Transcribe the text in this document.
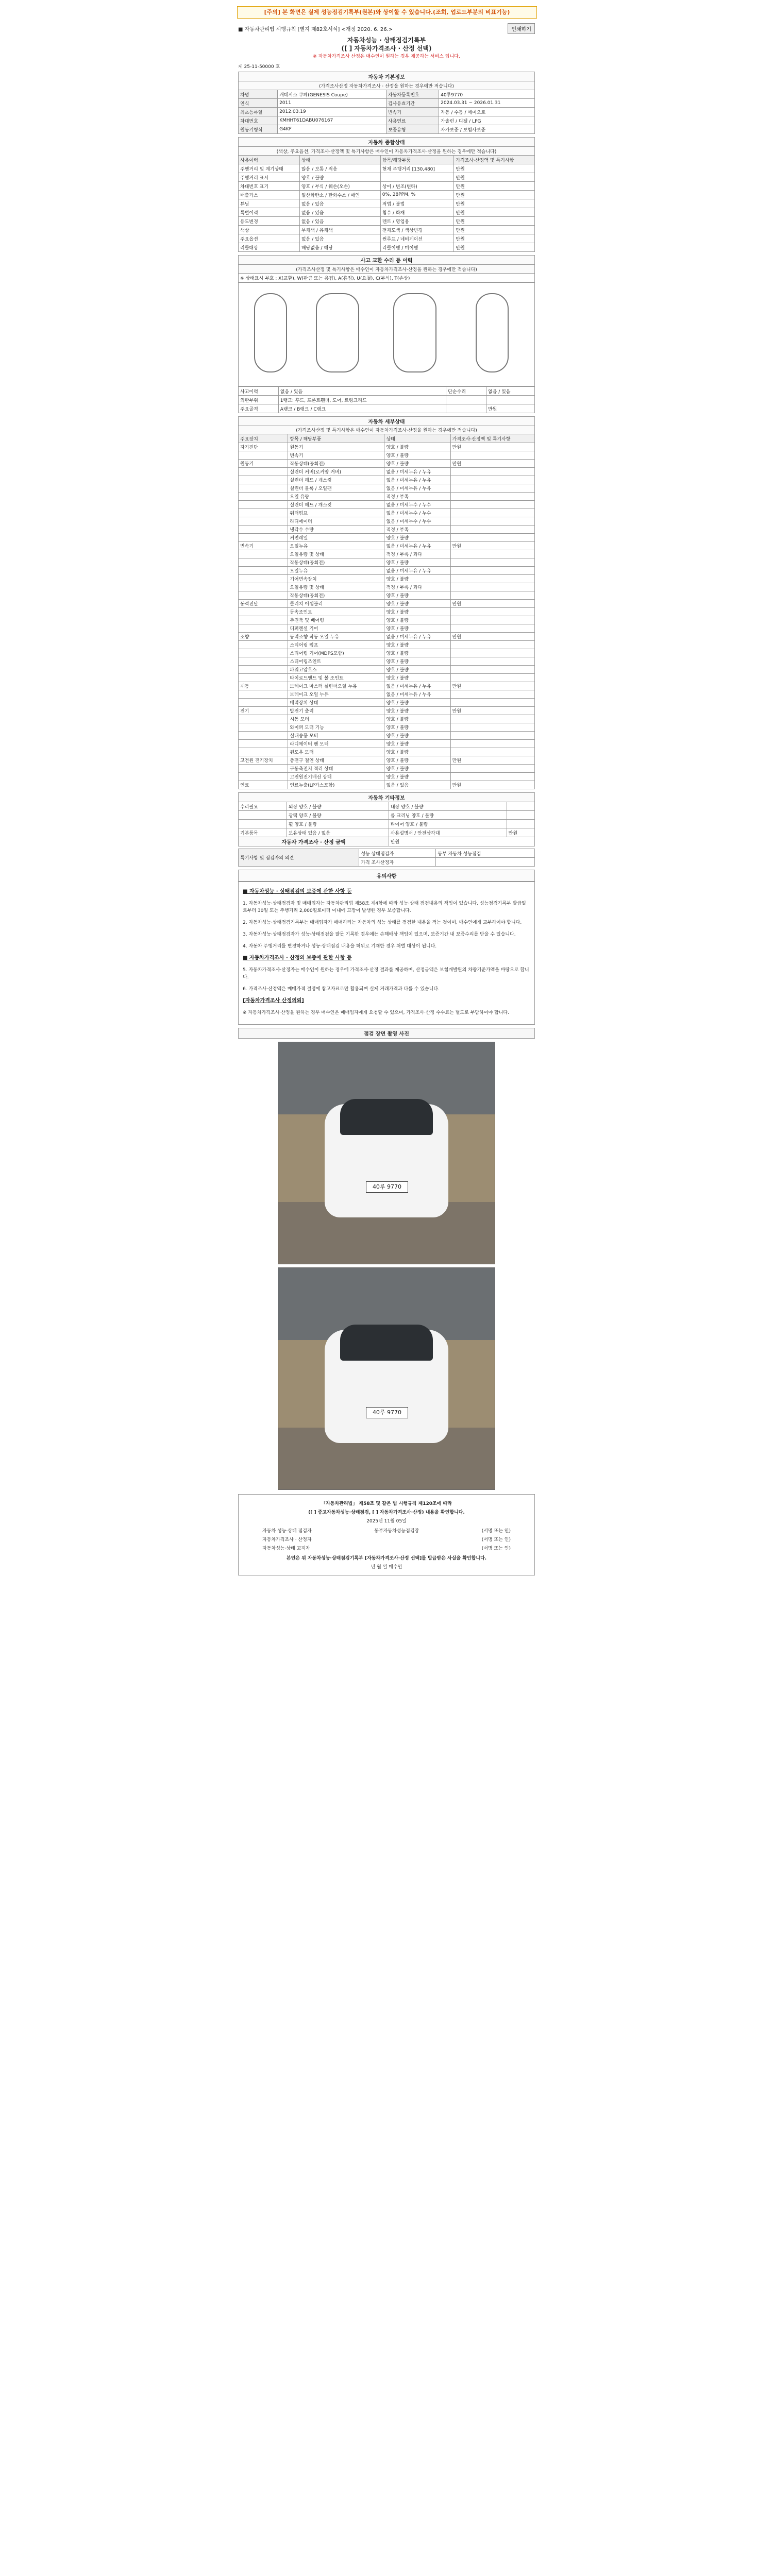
[주의] 본 화면은 실제 성능점검기록부(원본)와 상이할 수 있습니다.(조회, 업로드부분의 비표기능)
■ 자동차관리법 시행규칙 [별지 제82호서식] <개정 2020. 6. 26.>	인쇄하기
자동차성능 · 상태점검기록부
([ ] 자동차가격조사 · 산정 선택)
※ 자동차가격조사 산정은 매수인이 원하는 경우 제공하는 서비스 입니다.
제 25-11-50000 호
자동차 기본정보			
(가격조사산정 자동차가격조사 · 산정을 원하는 경우에만 적습니다)			
차명	캐데시스 쿠페(GENESIS Coupe)	자동차등록번호	40루9770
연식	2011	검사유효기간	2024.03.31 ~ 2026.01.31
최초등록일	2012.03.19	변속기	자동 / 수동 / 세미오토
차대번호	KMHHT61DABU076167	사용연료	가솔린 / 디젤 / LPG
원동기형식	G4KF	보증유형	자가보증 / 보험사보증
자동차 종합상태			
(색상, 주요옵션, 가격조사·산정액 및 특기사항은 매수인이 자동차가격조사·산정을 원하는 경우에만 적습니다)			
사용이력	상태	항목/해당부품	가격조사·산정액 및 특기사항
주행거리 및 계기상태	많음 / 보통 / 적음	현재 주행거리 [130,480]	만원
주행거리 표시	양호 / 불량		만원
차대번호 표기	양호 / 부식 / 훼손(오손)	상이 / 변조(변타)	만원
배출가스	일산화탄소 / 탄화수소 / 매연	0%, 28PPM, %	만원
튜닝	없음 / 있음	적법 / 불법	만원
특별이력	없음 / 있음	침수 / 화재	만원
용도변경	없음 / 있음	렌트 / 영업용	만원
색상	무채색 / 유채색	전체도색 / 색상변경	만원
주요옵션	없음 / 있음	썬루프 / 네비게이션	만원
리콜대상	해당없음 / 해당	리콜이행 / 미이행	만원
사고 교환 수리 등 이력
(가격조사산정 및 특기사항은 매수인이 자동차가격조사·산정을 원하는 경우에만 적습니다)
※ 상태표시 부호 : X(교환), W(판금 또는 용접), A(흠집), U(요철), C(부식), T(손상)
사고이력	없음 / 있음	단순수리	없음 / 있음
외판부위	1랭크: 후드, 프론트휀더, 도어, 트렁크리드		
주요골격	A랭크 / B랭크 / C랭크		만원
자동차 세부상태			
(가격조사산정 및 특기사항은 매수인이 자동차가격조사·산정을 원하는 경우에만 적습니다)			
주요장치	항목 / 해당부품	상태	가격조사·산정액 및 특기사항
자기진단	원동기	양호 / 불량	만원
	변속기	양호 / 불량	
원동기	작동상태(공회전)	양호 / 불량	만원
	실린더 커버(로커암 커버)	없음 / 미세누유 / 누유	
	실린더 헤드 / 개스킷	없음 / 미세누유 / 누유	
	실린더 블록 / 오일팬	없음 / 미세누유 / 누유	
	오일 유량	적정 / 부족	
	실린더 헤드 / 개스킷	없음 / 미세누수 / 누수	
	워터펌프	없음 / 미세누수 / 누수	
	라디에이터	없음 / 미세누수 / 누수	
	냉각수 수량	적정 / 부족	
	커먼레일	양호 / 불량	
변속기	오일누유	없음 / 미세누유 / 누유	만원
	오일유량 및 상태	적정 / 부족 / 과다	
	작동상태(공회전)	양호 / 불량	
	오일누유	없음 / 미세누유 / 누유	
	기어변속장치	양호 / 불량	
	오일유량 및 상태	적정 / 부족 / 과다	
	작동상태(공회전)	양호 / 불량	
동력전달	클러치 어셈블리	양호 / 불량	만원
	등속조인트	양호 / 불량	
	추진축 및 베어링	양호 / 불량	
	디퍼렌셜 기어	양호 / 불량	
조향	동력조향 작동 오일 누유	없음 / 미세누유 / 누유	만원
	스티어링 펌프	양호 / 불량	
	스티어링 기어(MDPS포함)	양호 / 불량	
	스티어링조인트	양호 / 불량	
	파워고압호스	양호 / 불량	
	타이로드엔드 및 볼 조인트	양호 / 불량	
제동	브레이크 마스터 실린더오일 누유	없음 / 미세누유 / 누유	만원
	브레이크 오일 누유	없음 / 미세누유 / 누유	
	배력장치 상태	양호 / 불량	
전기	발전기 출력	양호 / 불량	만원
	시동 모터	양호 / 불량	
	와이퍼 모터 기능	양호 / 불량	
	실내송풍 모터	양호 / 불량	
	라디에이터 팬 모터	양호 / 불량	
	윈도우 모터	양호 / 불량	
고전원 전기장치	충전구 절연 상태	양호 / 불량	만원
	구동축전지 격리 상태	양호 / 불량	
	고전원전기배선 상태	양호 / 불량	
연료	연료누출(LP가스포함)	없음 / 있음	만원
자동차 기타정보			
수리필요	외장 양호 / 불량	내장 양호 / 불량	
	광택 양호 / 불량	룸 크리닝 양호 / 불량	
	휠 양호 / 불량	타이어 양호 / 불량	
기본품목	보유상태 있음 / 없음	사용설명서 / 안전삼각대	만원
자동차 가격조사 · 산정 금액		만원	
특기사항 및 점검자의 의견	성능 상태점검자	동부 자동차 성능점검
	가격 조사산정자	
유의사항
■ 자동차성능 · 상태점검의 보증에 관한 사항 등

1. 자동차성능·상태점검자 및 매매업자는 자동차관리법 제58조 제4항에 따라 성능·상태 점검내용의 책임이 있습니다. 성능점검기록부 발급일로부터 30일 또는 주행거리 2,000킬로미터 이내에 고장이 발생한 경우 보증합니다.

2. 자동차성능·상태점검기록부는 매매업자가 매매하려는 자동차의 성능 상태를 점검한 내용을 적는 것이며, 매수인에게 교부하여야 합니다.

3. 자동차성능·상태점검자가 성능·상태점검을 잘못 기록한 경우에는 손해배상 책임이 있으며, 보증기간 내 보증수리를 받을 수 있습니다.

4. 자동차 주행거리를 변경하거나 성능·상태점검 내용을 허위로 기재한 경우 처벌 대상이 됩니다.

■ 자동차가격조사 · 산정의 보증에 관한 사항 등

5. 자동차가격조사·산정자는 매수인이 원하는 경우에 가격조사·산정 결과를 제공하며, 산정금액은 보험개발원의 차량기준가액을 바탕으로 합니다.

6. 가격조사·산정액은 매매가격 결정에 참고자료로만 활용되며 실제 거래가격과 다를 수 있습니다.

[자동차가격조사 산정의뢰]

※ 자동차가격조사·산정을 원하는 경우 매수인은 매매업자에게 요청할 수 있으며, 가격조사·산정 수수료는 별도로 부담하여야 합니다.

점검 장면 촬영 사진
40루 9770
40루 9770
「자동차관리법」 제58조 및 같은 법 시행규칙 제120조에 따라
([ ] 중고자동차성능·상태점검, [ ] 자동차가격조사·산정) 내용을 확인합니다.
2025년 11월 05일
자동차 성능·상태 점검자	동부자동차성능점검장	(서명 또는 인)
자동차가격조사 · 산정자	(서명 또는 인)
자동차성능·상태 고지자	(서명 또는 인)
본인은 위 자동차성능·상태점검기록부 [자동차가격조사·산정 선택]를 발급받은 사실을 확인합니다.
년 월 일 매수인
